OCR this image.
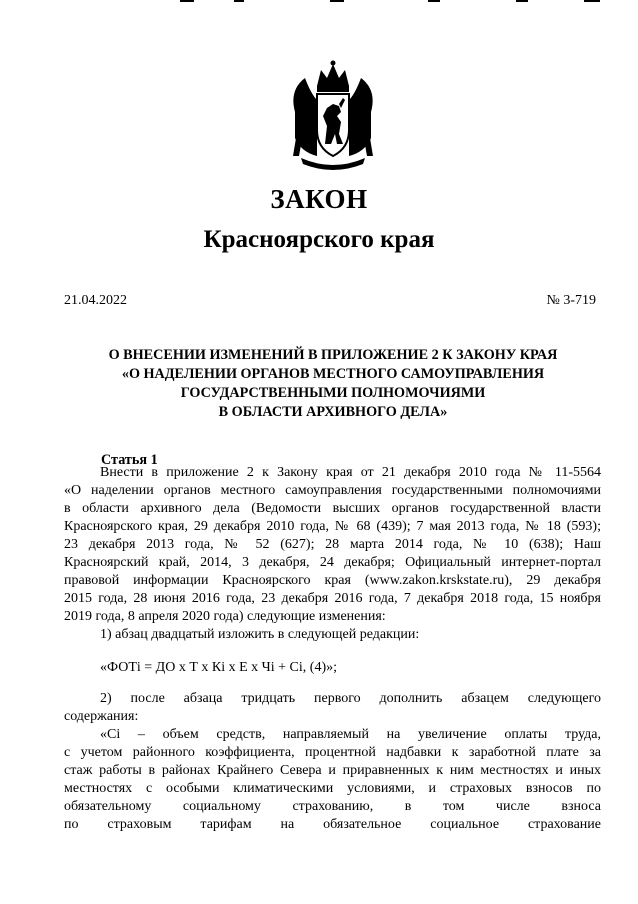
ЗАКОН
Красноярского края
21.04.2022	№ 3-719
О ВНЕСЕНИИ ИЗМЕНЕНИЙ В ПРИЛОЖЕНИЕ 2 К ЗАКОНУ КРАЯ
«О НАДЕЛЕНИИ ОРГАНОВ МЕСТНОГО САМОУПРАВЛЕНИЯ
ГОСУДАРСТВЕННЫМИ ПОЛНОМОЧИЯМИ
В ОБЛАСТИ АРХИВНОГО ДЕЛА»
Статья 1
Внести в приложение 2 к Закону края от 21 декабря 2010 года № 11-5564
«О наделении органов местного самоуправления государственными полномочиями
в области архивного дела (Ведомости высших органов государственной власти
Красноярского края, 29 декабря 2010 года, № 68 (439); 7 мая 2013 года, № 18 (593);
23 декабря 2013 года, № 52 (627); 28 марта 2014 года, № 10 (638); Наш
Красноярский край, 2014, 3 декабря, 24 декабря; Официальный интернет-портал
правовой информации Красноярского края (www.zakon.krskstate.ru), 29 декабря
2015 года, 28 июня 2016 года, 23 декабря 2016 года, 7 декабря 2018 года, 15 ноября
2019 года, 8 апреля 2020 года) следующие изменения:
1) абзац двадцатый изложить в следующей редакции:
«ФОТi = ДО x Т x Кi x Е x Чi + Сi, (4)»;
2) после абзаца тридцать первого дополнить абзацем следующего
содержания:
«Сi – объем средств, направляемый на увеличение оплаты труда,
с учетом районного коэффициента, процентной надбавки к заработной плате за
стаж работы в районах Крайнего Севера и приравненных к ним местностях и иных
местностях с особыми климатическими условиями, и страховых взносов по
обязательному социальному страхованию, в том числе взноса
по страховым тарифам на обязательное социальное страхование
